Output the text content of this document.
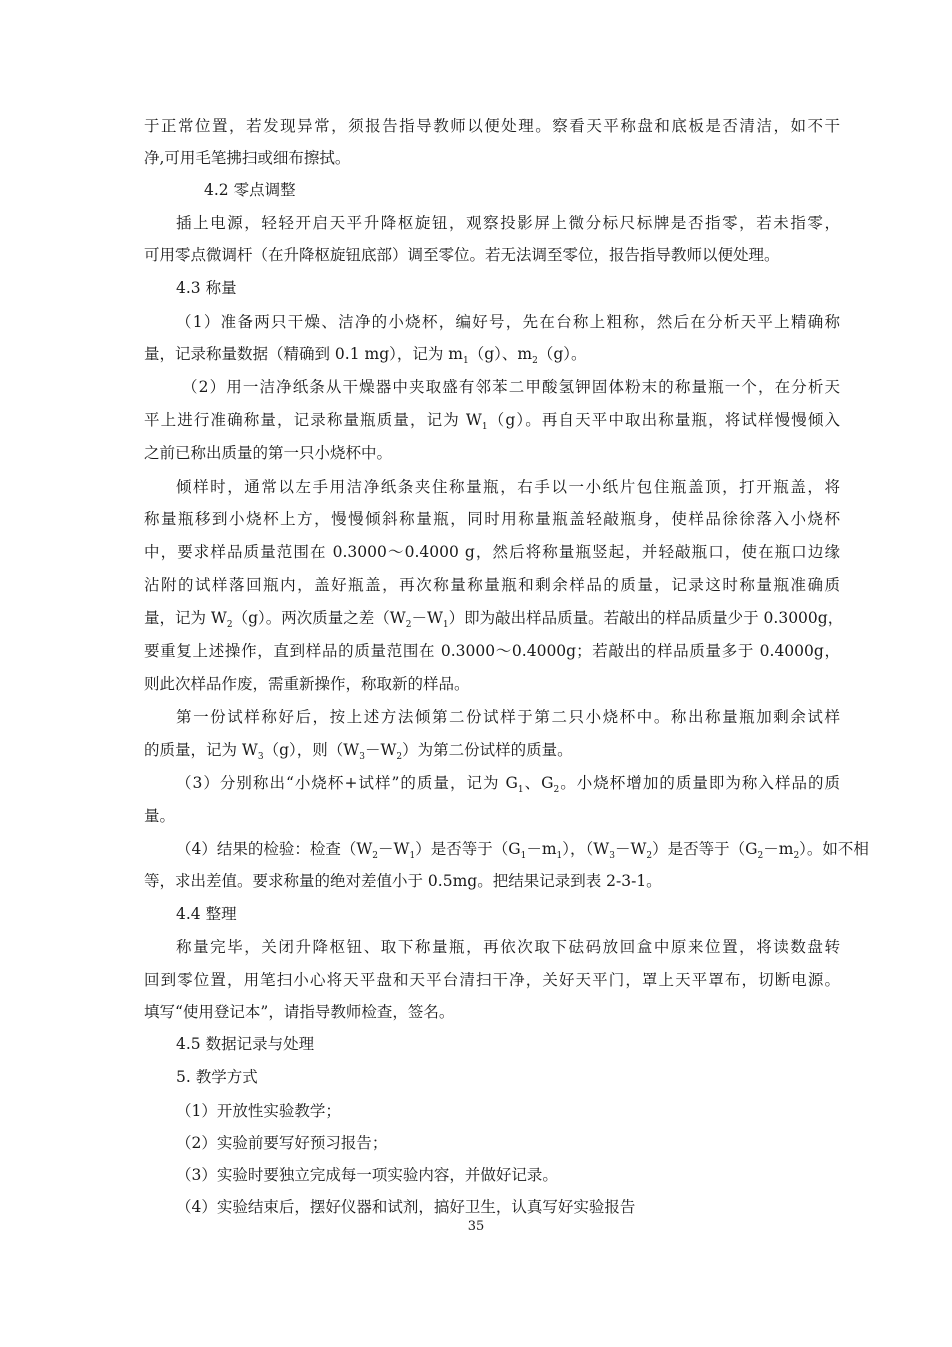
于正常位置，若发现异常，须报告指导教师以便处理。察看天平称盘和底板是否清洁，如不干
净,可用毛笔拂扫或细布擦拭。
4.2 零点调整
插上电源，轻轻开启天平升降枢旋钮，观察投影屏上微分标尺标牌是否指零，若未指零，
可用零点微调杆（在升降枢旋钮底部）调至零位。若无法调至零位，报告指导教师以便处理。
4.3 称量
（1）准备两只干燥、洁净的小烧杯，编好号，先在台称上粗称，然后在分析天平上精确称
量，记录称量数据（精确到 0.1 mg），记为 $m_1(g)$、$m_2(g)$。
（2）用一洁净纸条从干燥器中夹取盛有邻苯二甲酸氢钾固体粉末的称量瓶一个，在分析天
平上进行准确称量，记录称量瓶质量，记为 $W_1(g)$。再自天平中取出称量瓶，将试样慢慢倾入
之前已称出质量的第一只小烧杯中。
倾样时，通常以左手用洁净纸条夹住称量瓶，右手以一小纸片包住瓶盖顶，打开瓶盖，将
称量瓶移到小烧杯上方，慢慢倾斜称量瓶，同时用称量瓶盖轻敲瓶身，使样品徐徐落入小烧杯
中，要求样品质量范围在 0.3000～0.4000 g，然后将称量瓶竖起，并轻敲瓶口，使在瓶口边缘
沾附的试样落回瓶内，盖好瓶盖，再次称量称量瓶和剩余样品的质量，记录这时称量瓶准确质
量，记为 $W_2(g)$。两次质量之差$(W_2-W_1)$即为敲出样品质量。若敲出的样品质量少于 0.3000g，
要重复上述操作，直到样品的质量范围在 0.3000～0.4000g；若敲出的样品质量多于 0.4000g，
则此次样品作废，需重新操作，称取新的样品。
第一份试样称好后，按上述方法倾第二份试样于第二只小烧杯中。称出称量瓶加剩余试样
的质量，记为 $W_3(g)$，则$(W_3-W_2)$为第二份试样的质量。
（3）分别称出“小烧杯+试样”的质量，记为 $G_1$、$G_2$。小烧杯增加的质量即为称入样品的质
量。
（4）结果的检验：检查$(W_2-W_1)$是否等于$(G_1-m_1)$，$(W_3-W_2)$是否等于$(G_2-m_2)$。如不相
等，求出差值。要求称量的绝对差值小于 0.5mg。把结果记录到表 2-3-1。
4.4 整理
称量完毕，关闭升降枢钮、取下称量瓶，再依次取下砝码放回盒中原来位置，将读数盘转
回到零位置，用笔扫小心将天平盘和天平台清扫干净，关好天平门，罩上天平罩布，切断电源。
填写“使用登记本”，请指导教师检查，签名。
4.5 数据记录与处理
5. 教学方式
（1）开放性实验教学；
（2）实验前要写好预习报告；
（3）实验时要独立完成每一项实验内容，并做好记录。
（4）实验结束后，摆好仪器和试剂，搞好卫生，认真写好实验报告
35
